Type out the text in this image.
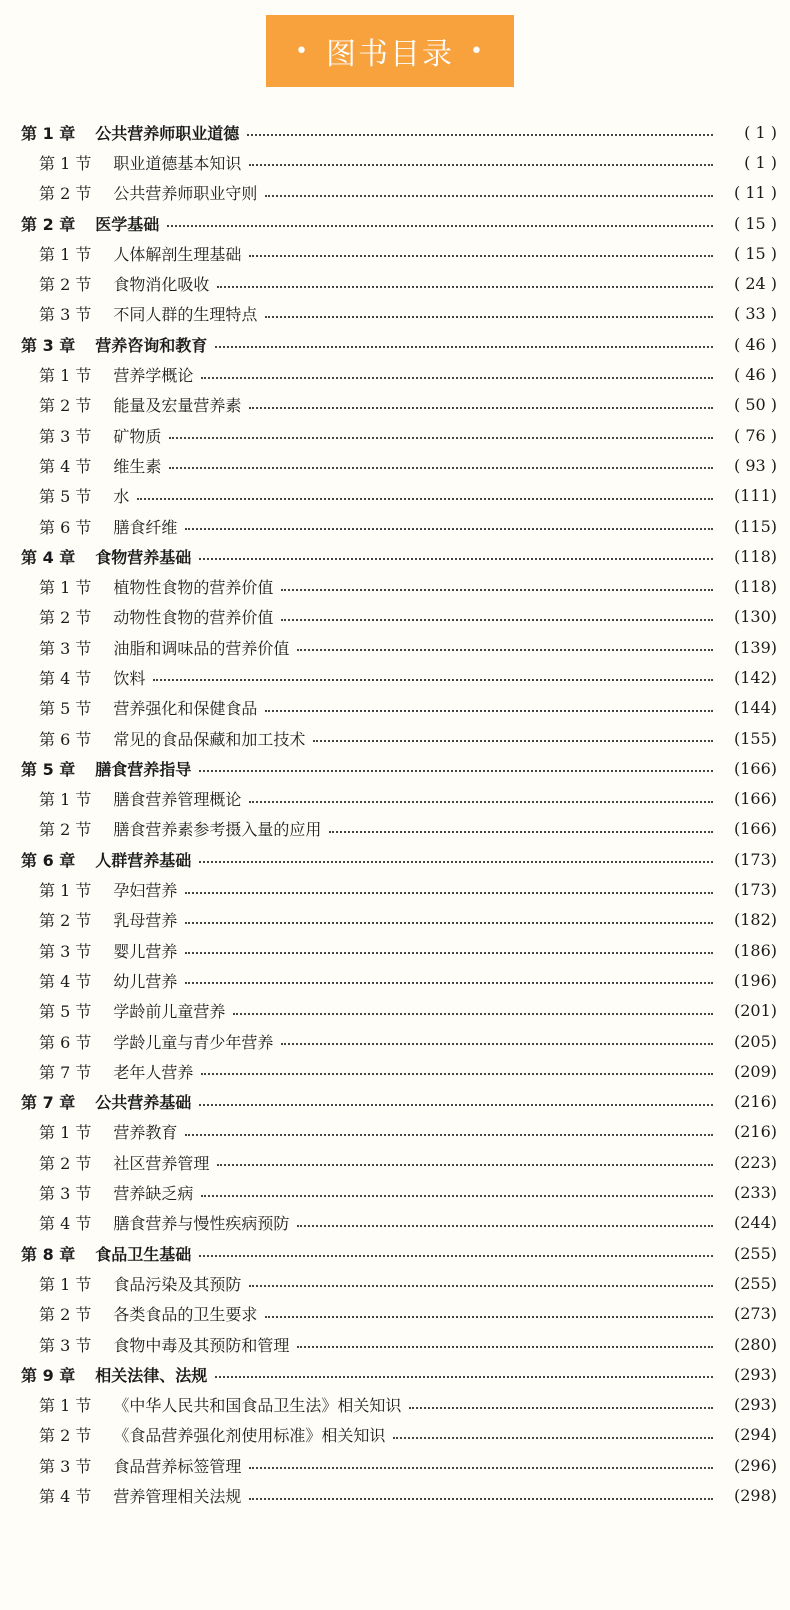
• 图书目录 •
第 1 章 公共营养师职业道德	( 1 )
第 1 节 职业道德基本知识	( 1 )
第 2 节 公共营养师职业守则	( 11 )
第 2 章 医学基础	( 15 )
第 1 节 人体解剖生理基础	( 15 )
第 2 节 食物消化吸收	( 24 )
第 3 节 不同人群的生理特点	( 33 )
第 3 章 营养咨询和教育	( 46 )
第 1 节 营养学概论	( 46 )
第 2 节 能量及宏量营养素	( 50 )
第 3 节 矿物质	( 76 )
第 4 节 维生素	( 93 )
第 5 节 水	(111)
第 6 节 膳食纤维	(115)
第 4 章 食物营养基础	(118)
第 1 节 植物性食物的营养价值	(118)
第 2 节 动物性食物的营养价值	(130)
第 3 节 油脂和调味品的营养价值	(139)
第 4 节 饮料	(142)
第 5 节 营养强化和保健食品	(144)
第 6 节 常见的食品保藏和加工技术	(155)
第 5 章 膳食营养指导	(166)
第 1 节 膳食营养管理概论	(166)
第 2 节 膳食营养素参考摄入量的应用	(166)
第 6 章 人群营养基础	(173)
第 1 节 孕妇营养	(173)
第 2 节 乳母营养	(182)
第 3 节 婴儿营养	(186)
第 4 节 幼儿营养	(196)
第 5 节 学龄前儿童营养	(201)
第 6 节 学龄儿童与青少年营养	(205)
第 7 节 老年人营养	(209)
第 7 章 公共营养基础	(216)
第 1 节 营养教育	(216)
第 2 节 社区营养管理	(223)
第 3 节 营养缺乏病	(233)
第 4 节 膳食营养与慢性疾病预防	(244)
第 8 章 食品卫生基础	(255)
第 1 节 食品污染及其预防	(255)
第 2 节 各类食品的卫生要求	(273)
第 3 节 食物中毒及其预防和管理	(280)
第 9 章 相关法律、法规	(293)
第 1 节 《中华人民共和国食品卫生法》相关知识	(293)
第 2 节 《食品营养强化剂使用标准》相关知识	(294)
第 3 节 食品营养标签管理	(296)
第 4 节 营养管理相关法规	(298)
